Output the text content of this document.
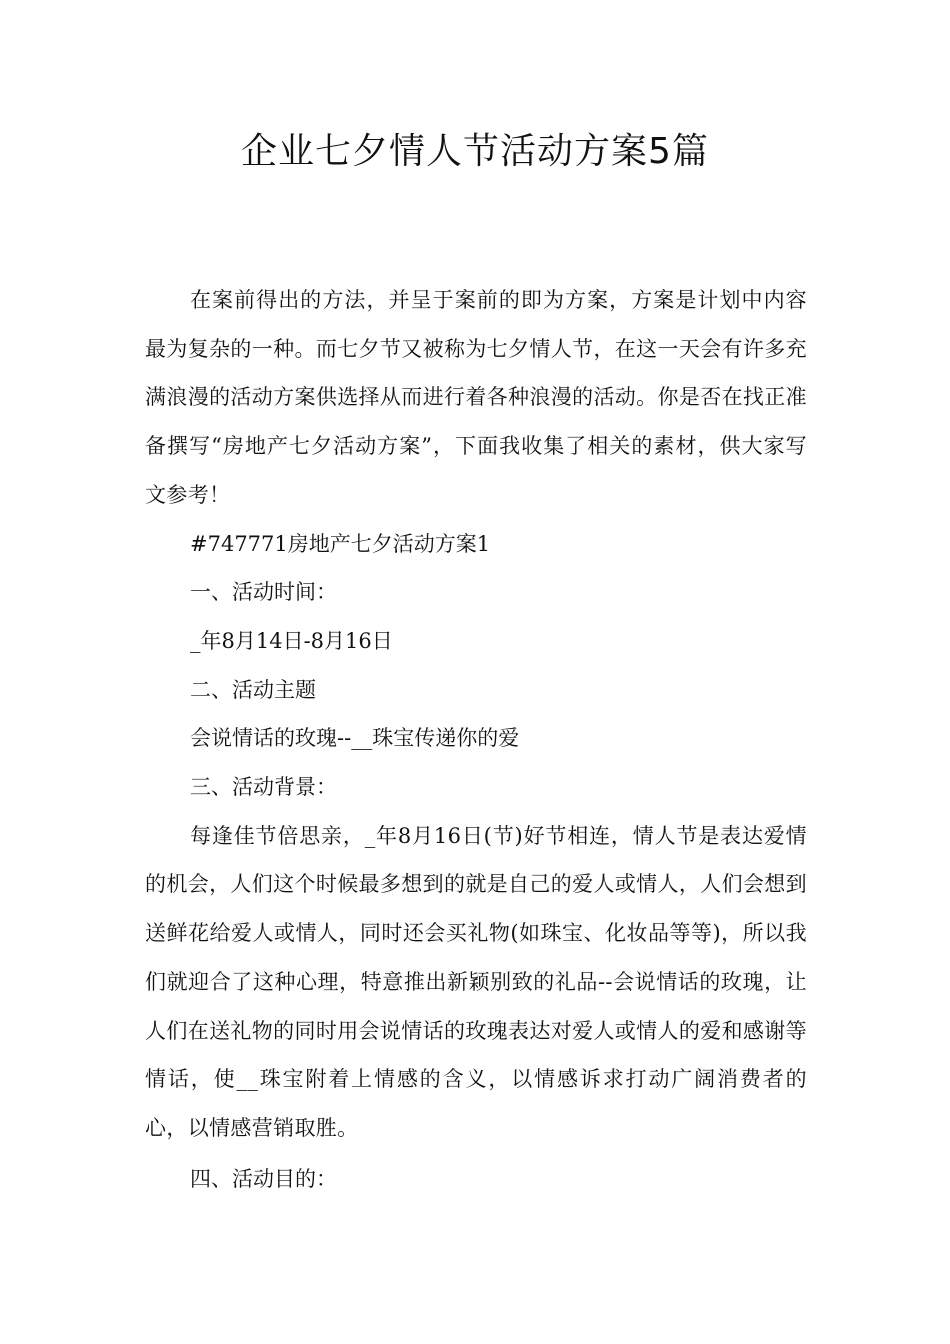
企业七夕情人节活动方案5篇

在案前得出的方法，并呈于案前的即为方案，方案是计划中内容最为复杂的一种。而七夕节又被称为七夕情人节，在这一天会有许多充满浪漫的活动方案供选择从而进行着各种浪漫的活动。你是否在找正准备撰写“房地产七夕活动方案”，下面我收集了相关的素材，供大家写文参考！

#747771房地产七夕活动方案1

一、活动时间：

_年8月14日-8月16日

二、活动主题

会说情话的玫瑰--__珠宝传递你的爱

三、活动背景：

每逢佳节倍思亲，_年8月16日(节)好节相连，情人节是表达爱情的机会，人们这个时候最多想到的就是自己的爱人或情人，人们会想到送鲜花给爱人或情人，同时还会买礼物(如珠宝、化妆品等等)，所以我们就迎合了这种心理，特意推出新颖别致的礼品--会说情话的玫瑰，让人们在送礼物的同时用会说情话的玫瑰表达对爱人或情人的爱和感谢等情话，使__珠宝附着上情感的含义，以情感诉求打动广阔消费者的心，以情感营销取胜。

四、活动目的：
